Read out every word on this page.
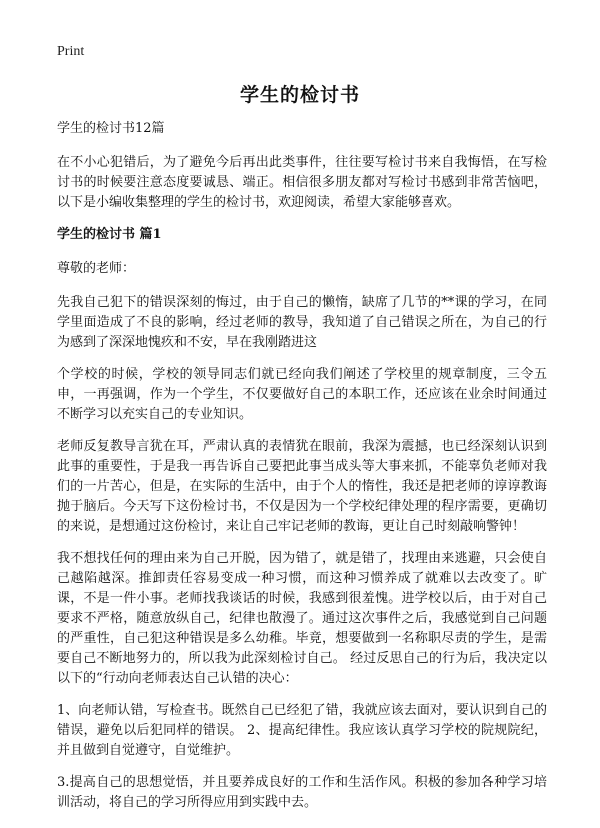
Print
学生的检讨书

学生的检讨书12篇

在不小心犯错后，为了避免今后再出此类事件，往往要写检讨书来自我悔悟，在写检讨书的时候要注意态度要诚恳、端正。相信很多朋友都对写检讨书感到非常苦恼吧，以下是小编收集整理的学生的检讨书，欢迎阅读，希望大家能够喜欢。

学生的检讨书 篇1

尊敬的老师：

先我自己犯下的错误深刻的悔过，由于自己的懒惰，缺席了几节的**课的学习，在同学里面造成了不良的影响，经过老师的教导，我知道了自己错误之所在，为自己的行为感到了深深地愧疚和不安，早在我刚踏进这

个学校的时候，学校的领导同志们就已经向我们阐述了学校里的规章制度，三令五申，一再强调，作为一个学生，不仅要做好自己的本职工作，还应该在业余时间通过不断学习以充实自己的专业知识。

老师反复教导言犹在耳，严肃认真的表情犹在眼前，我深为震撼，也已经深刻认识到此事的重要性，于是我一再告诉自己要把此事当成头等大事来抓，不能辜负老师对我们的一片苦心，但是，在实际的生活中，由于个人的惰性，我还是把老师的谆谆教诲抛于脑后。今天写下这份检讨书，不仅是因为一个学校纪律处理的程序需要，更确切的来说，是想通过这份检讨，来让自己牢记老师的教诲，更让自己时刻敲响警钟！

我不想找任何的理由来为自己开脱，因为错了，就是错了，找理由来逃避，只会使自己越陷越深。推卸责任容易变成一种习惯，而这种习惯养成了就难以去改变了。旷课，不是一件小事。老师找我谈话的时候，我感到很羞愧。进学校以后，由于对自己要求不严格，随意放纵自己，纪律也散漫了。通过这次事件之后，我感觉到自己问题的严重性，自己犯这种错误是多么幼稚。毕竟，想要做到一名称职尽责的学生，是需要自己不断地努力的，所以我为此深刻检讨自己。 经过反思自己的行为后，我决定以以下的“行动向老师表达自己认错的决心：

1、向老师认错，写检查书。既然自己已经犯了错，我就应该去面对，要认识到自己的错误，避免以后犯同样的错误。 2、提高纪律性。我应该认真学习学校的院规院纪，并且做到自觉遵守，自觉维护。

3.提高自己的思想觉悟，并且要养成良好的工作和生活作风。积极的参加各种学习培训活动，将自己的学习所得应用到实践中去。
